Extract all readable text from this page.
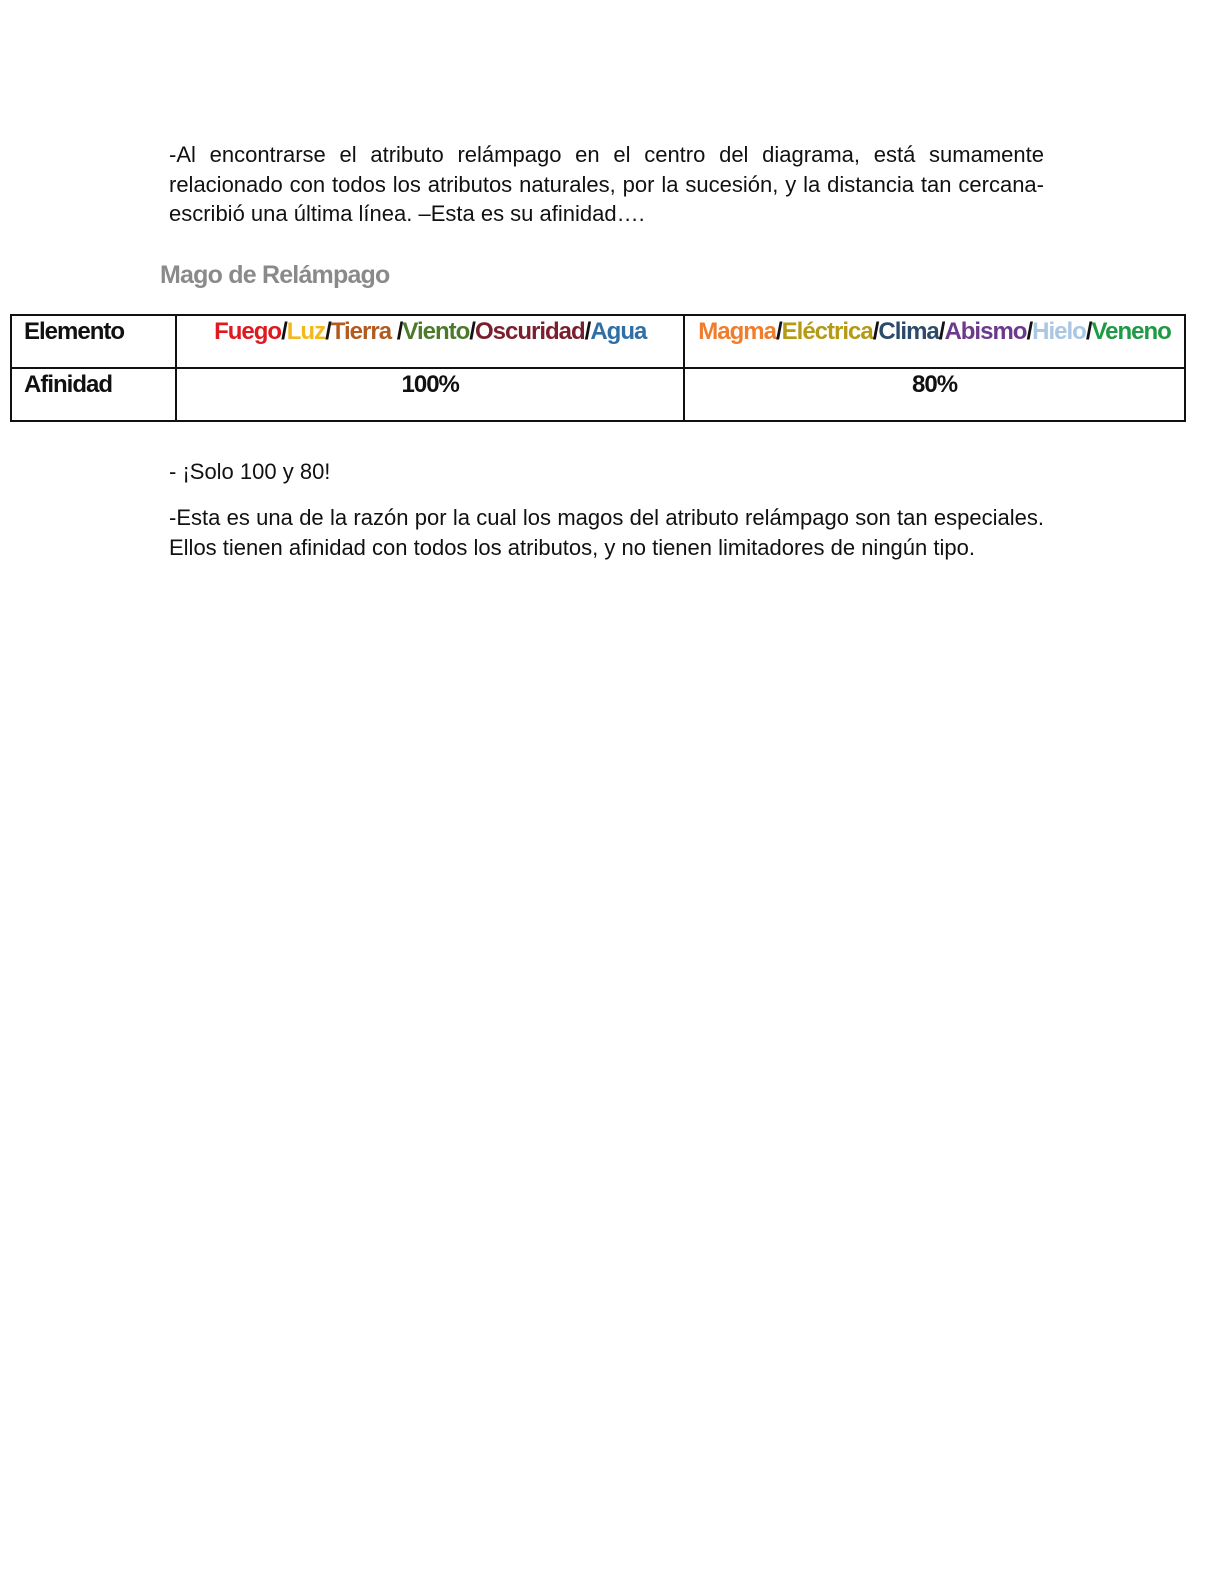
-Al encontrarse el atributo relámpago en el centro del diagrama, está sumamente relacionado con todos los atributos naturales, por la sucesión, y la distancia tan cercana- escribió una última línea. –Esta es su afinidad….

Mago de Relámpago

Elemento	Fuego/Luz/Tierra /Viento/Oscuridad/Agua	Magma/Eléctrica/Clima/Abismo/Hielo/Veneno
Afinidad	100%	80%

- ¡Solo 100 y 80!

-Esta es una de la razón por la cual los magos del atributo relámpago son tan especiales. Ellos tienen afinidad con todos los atributos, y no tienen limitadores de ningún tipo.
